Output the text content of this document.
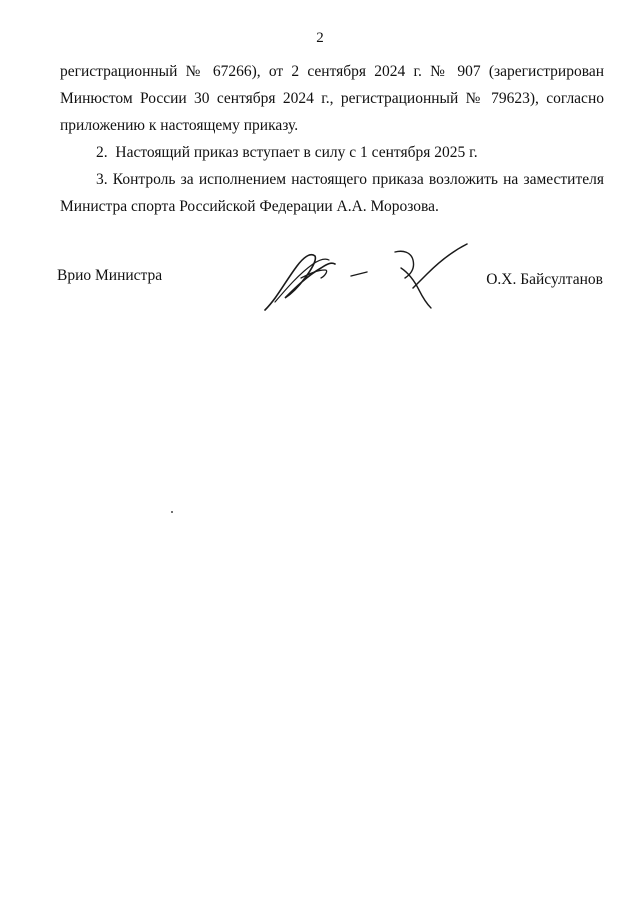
2

регистрационный № 67266), от 2 сентября 2024 г. № 907 (зарегистрирован Минюстом России 30 сентября 2024 г., регистрационный № 79623), согласно приложению к настоящему приказу.

2.  Настоящий приказ вступает в силу с 1 сентября 2025 г.

3. Контроль за исполнением настоящего приказа возложить на заместителя Министра спорта Российской Федерации А.А. Морозова.

Врио Министра	О.Х. Байсултанов
